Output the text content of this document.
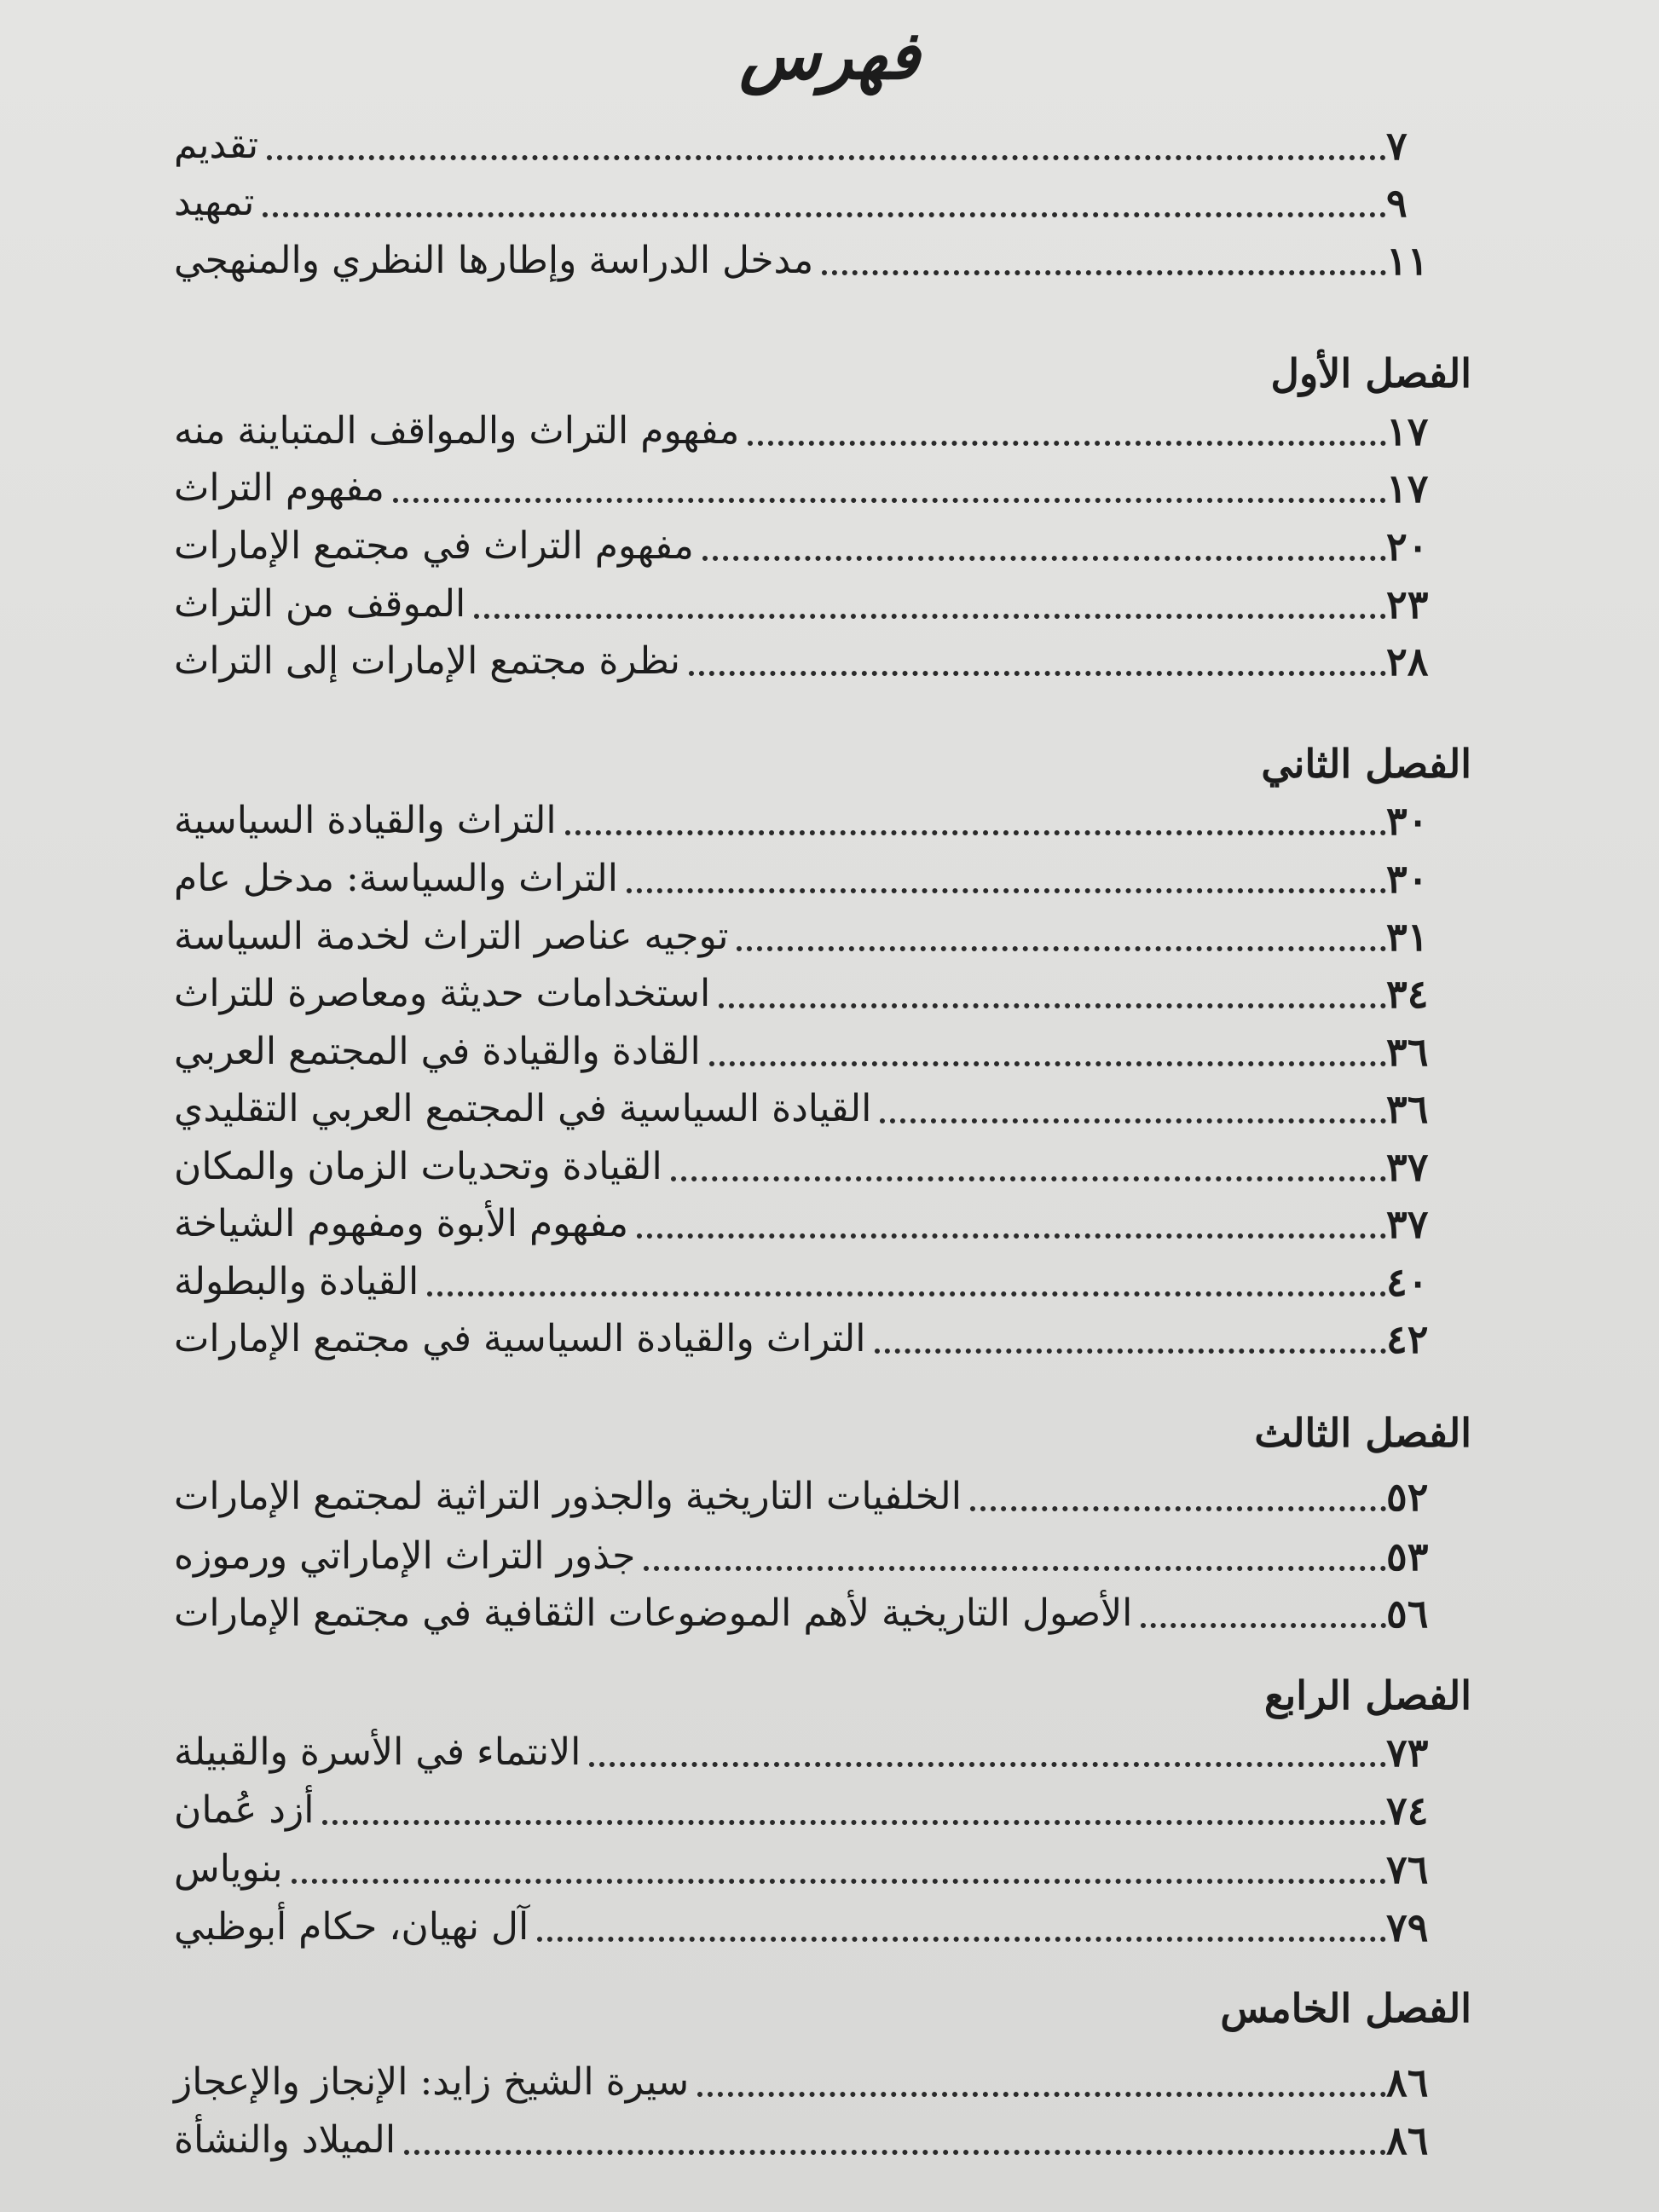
فهرس
تقديم	٧
تمهيد	٩
مدخل الدراسة وإطارها النظري والمنهجي	١١
الفصل الأول
مفهوم التراث والمواقف المتباينة منه	١٧
مفهوم التراث	١٧
مفهوم التراث في مجتمع الإمارات	٢٠
الموقف من التراث	٢٣
نظرة مجتمع الإمارات إلى التراث	٢٨
الفصل الثاني
التراث والقيادة السياسية	٣٠
التراث والسياسة: مدخل عام	٣٠
توجيه عناصر التراث لخدمة السياسة	٣١
استخدامات حديثة ومعاصرة للتراث	٣٤
القادة والقيادة في المجتمع العربي	٣٦
القيادة السياسية في المجتمع العربي التقليدي	٣٦
القيادة وتحديات الزمان والمكان	٣٧
مفهوم الأبوة ومفهوم الشياخة	٣٧
القيادة والبطولة	٤٠
التراث والقيادة السياسية في مجتمع الإمارات	٤٢
الفصل الثالث
الخلفيات التاريخية والجذور التراثية لمجتمع الإمارات	٥٢
جذور التراث الإماراتي ورموزه	٥٣
الأصول التاريخية لأهم الموضوعات الثقافية في مجتمع الإمارات	٥٦
الفصل الرابع
الانتماء في الأسرة والقبيلة	٧٣
أزد عُمان	٧٤
بنوياس	٧٦
آل نهيان، حكام أبوظبي	٧٩
الفصل الخامس
سيرة الشيخ زايد: الإنجاز والإعجاز	٨٦
الميلاد والنشأة	٨٦
